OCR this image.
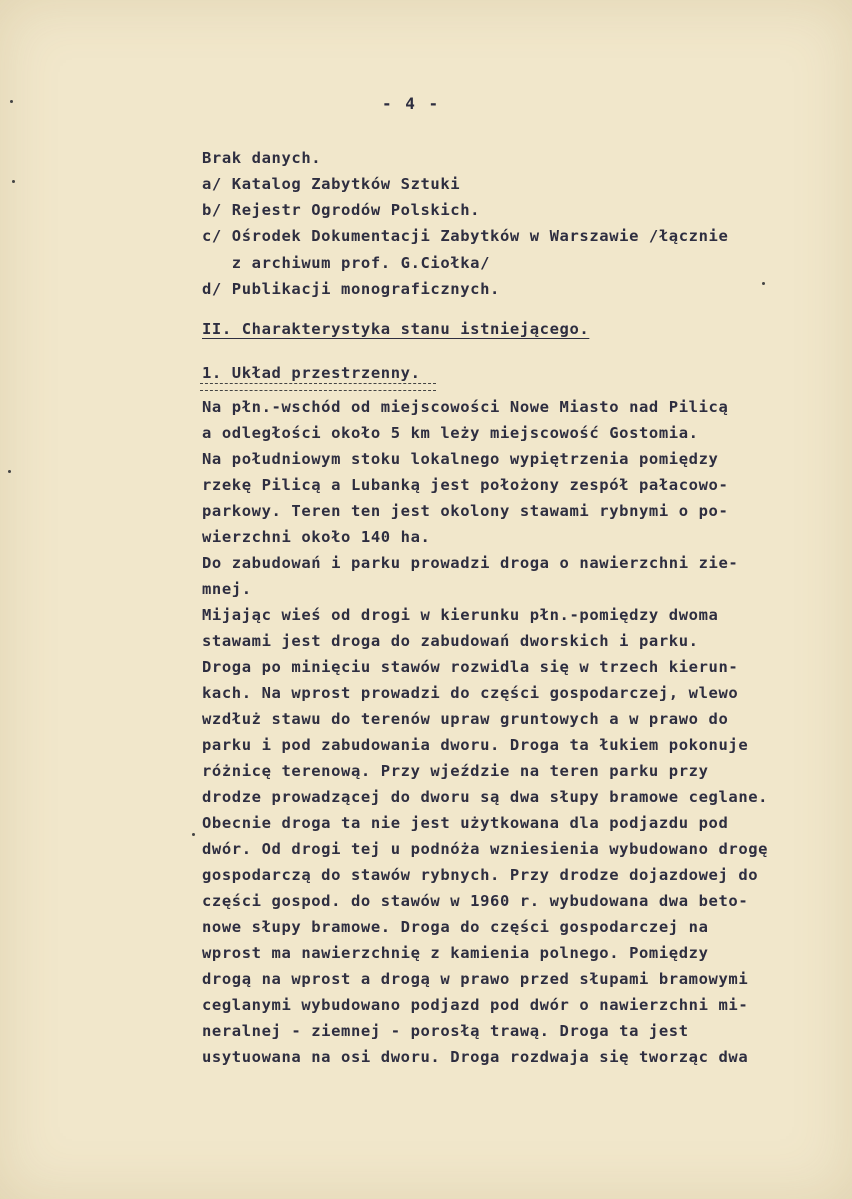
- 4 -
Brak danych.
a/ Katalog Zabytków Sztuki
b/ Rejestr Ogrodów Polskich.
c/ Ośrodek Dokumentacji Zabytków w Warszawie /łącznie
z archiwum prof. G.Ciołka/
d/ Publikacji monograficznych.
II. Charakterystyka stanu istniejącego.
1. Układ przestrzenny.
Na płn.-wschód od miejscowości Nowe Miasto nad Pilicą
a odległości około 5 km leży miejscowość Gostomia.
Na południowym stoku lokalnego wypiętrzenia pomiędzy
rzekę Pilicą a Lubanką jest położony zespół pałacowo-
parkowy. Teren ten jest okolony stawami rybnymi o po-
wierzchni około 140 ha.
Do zabudowań i parku prowadzi droga o nawierzchni zie-
mnej.
Mijając wieś od drogi w kierunku płn.-pomiędzy dwoma
stawami jest droga do zabudowań dworskich i parku.
Droga po minięciu stawów rozwidla się w trzech kierun-
kach. Na wprost prowadzi do części gospodarczej, wlewo
wzdłuż stawu do terenów upraw gruntowych a w prawo do
parku i pod zabudowania dworu. Droga ta łukiem pokonuje
różnicę terenową. Przy wjeździe na teren parku przy
drodze prowadzącej do dworu są dwa słupy bramowe ceglane.
Obecnie droga ta nie jest użytkowana dla podjazdu pod
dwór. Od drogi tej u podnóża wzniesienia wybudowano drogę
gospodarczą do stawów rybnych. Przy drodze dojazdowej do
części gospod. do stawów w 1960 r. wybudowana dwa beto-
nowe słupy bramowe. Droga do części gospodarczej na
wprost ma nawierzchnię z kamienia polnego. Pomiędzy
drogą na wprost a drogą w prawo przed słupami bramowymi
ceglanymi wybudowano podjazd pod dwór o nawierzchni mi-
neralnej - ziemnej - porosłą trawą. Droga ta jest
usytuowana na osi dworu. Droga rozdwaja się tworząc dwa
